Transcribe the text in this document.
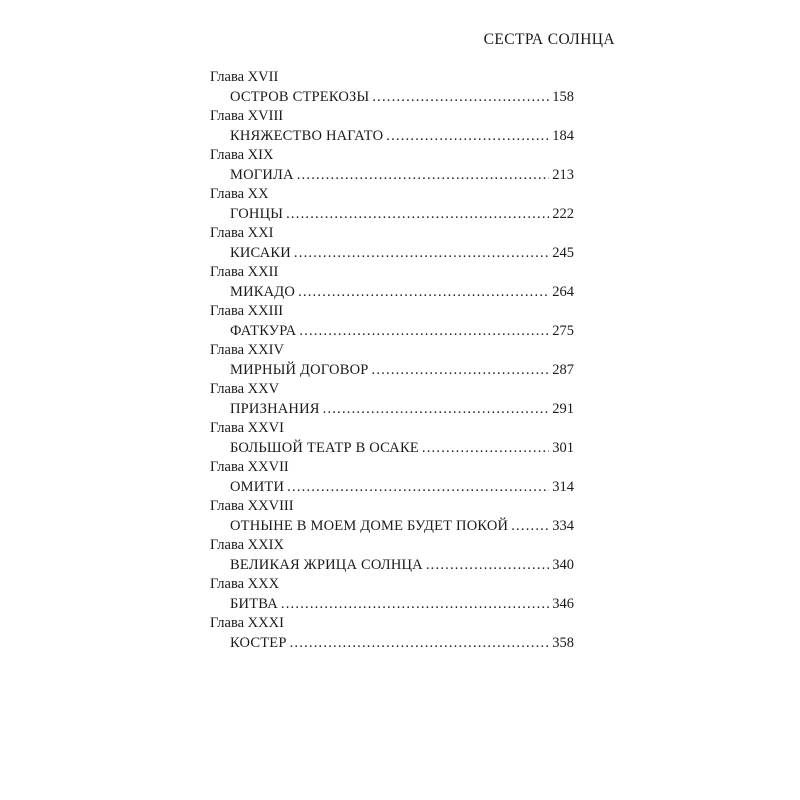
СЕСТРА СОЛНЦА
Глава XVII
ОСТРОВ СТРЕКОЗЫ .....	158
Глава XVIII
КНЯЖЕСТВО НАГАТО .....	184
Глава XIX
МОГИЛА .....	213
Глава XX
ГОНЦЫ .....	222
Глава XXI
КИСАКИ .....	245
Глава XXII
МИКАДО .....	264
Глава XXIII
ФАТКУРА .....	275
Глава XXIV
МИРНЫЙ ДОГОВОР .....	287
Глава XXV
ПРИЗНАНИЯ .....	291
Глава XXVI
БОЛЬШОЙ ТЕАТР В ОСАКЕ .....	301
Глава XXVII
ОМИТИ .....	314
Глава XXVIII
ОТНЫНЕ В МОЕМ ДОМЕ БУДЕТ ПОКОЙ .....	334
Глава XXIX
ВЕЛИКАЯ ЖРИЦА СОЛНЦА .....	340
Глава XXX
БИТВА .....	346
Глава XXXI
КОСТЕР .....	358
